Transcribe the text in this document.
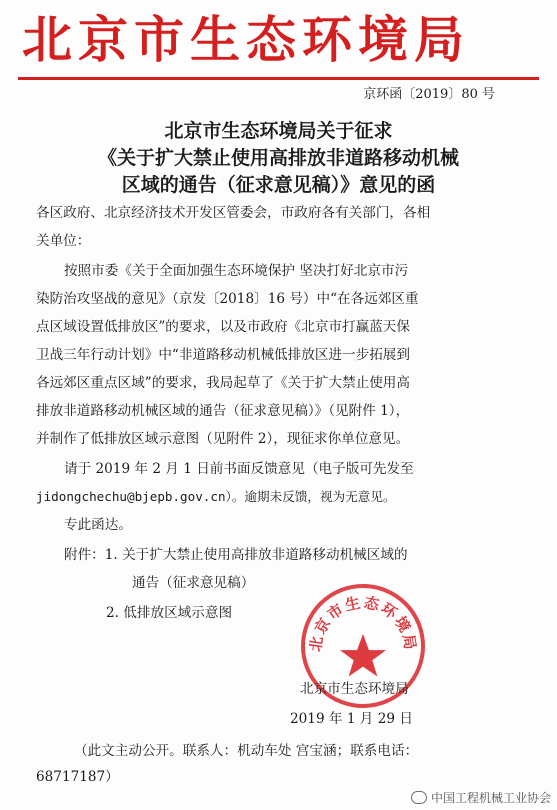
北京市生态环境局
京环函〔2019〕80 号
北京市生态环境局关于征求
《关于扩大禁止使用高排放非道路移动机械
区域的通告（征求意见稿）》意见的函
各区政府、北京经济技术开发区管委会，市政府各有关部门，各相
关单位：
按照市委《关于全面加强生态环境保护 坚决打好北京市污
染防治攻坚战的意见》（京发〔2018〕16 号）中“在各远郊区重
点区域设置低排放区”的要求，以及市政府《北京市打赢蓝天保
卫战三年行动计划》中“非道路移动机械低排放区进一步拓展到
各远郊区重点区域”的要求，我局起草了《关于扩大禁止使用高
排放非道路移动机械区域的通告（征求意见稿）》（见附件 1），
并制作了低排放区域示意图（见附件 2），现征求你单位意见。
请于 2019 年 2 月 1 日前书面反馈意见（电子版可先发至
jidongchechu@bjepb.gov.cn）。逾期未反馈，视为无意见。
专此函达。
附件：1. 关于扩大禁止使用高排放非道路移动机械区域的
通告（征求意见稿）
2. 低排放区域示意图
北京市生态环境局
北京市生态环境局
2019 年 1 月 29 日
（此文主动公开。联系人：机动车处 宫宝涵；联系电话：
68717187）
中国工程机械工业协会
